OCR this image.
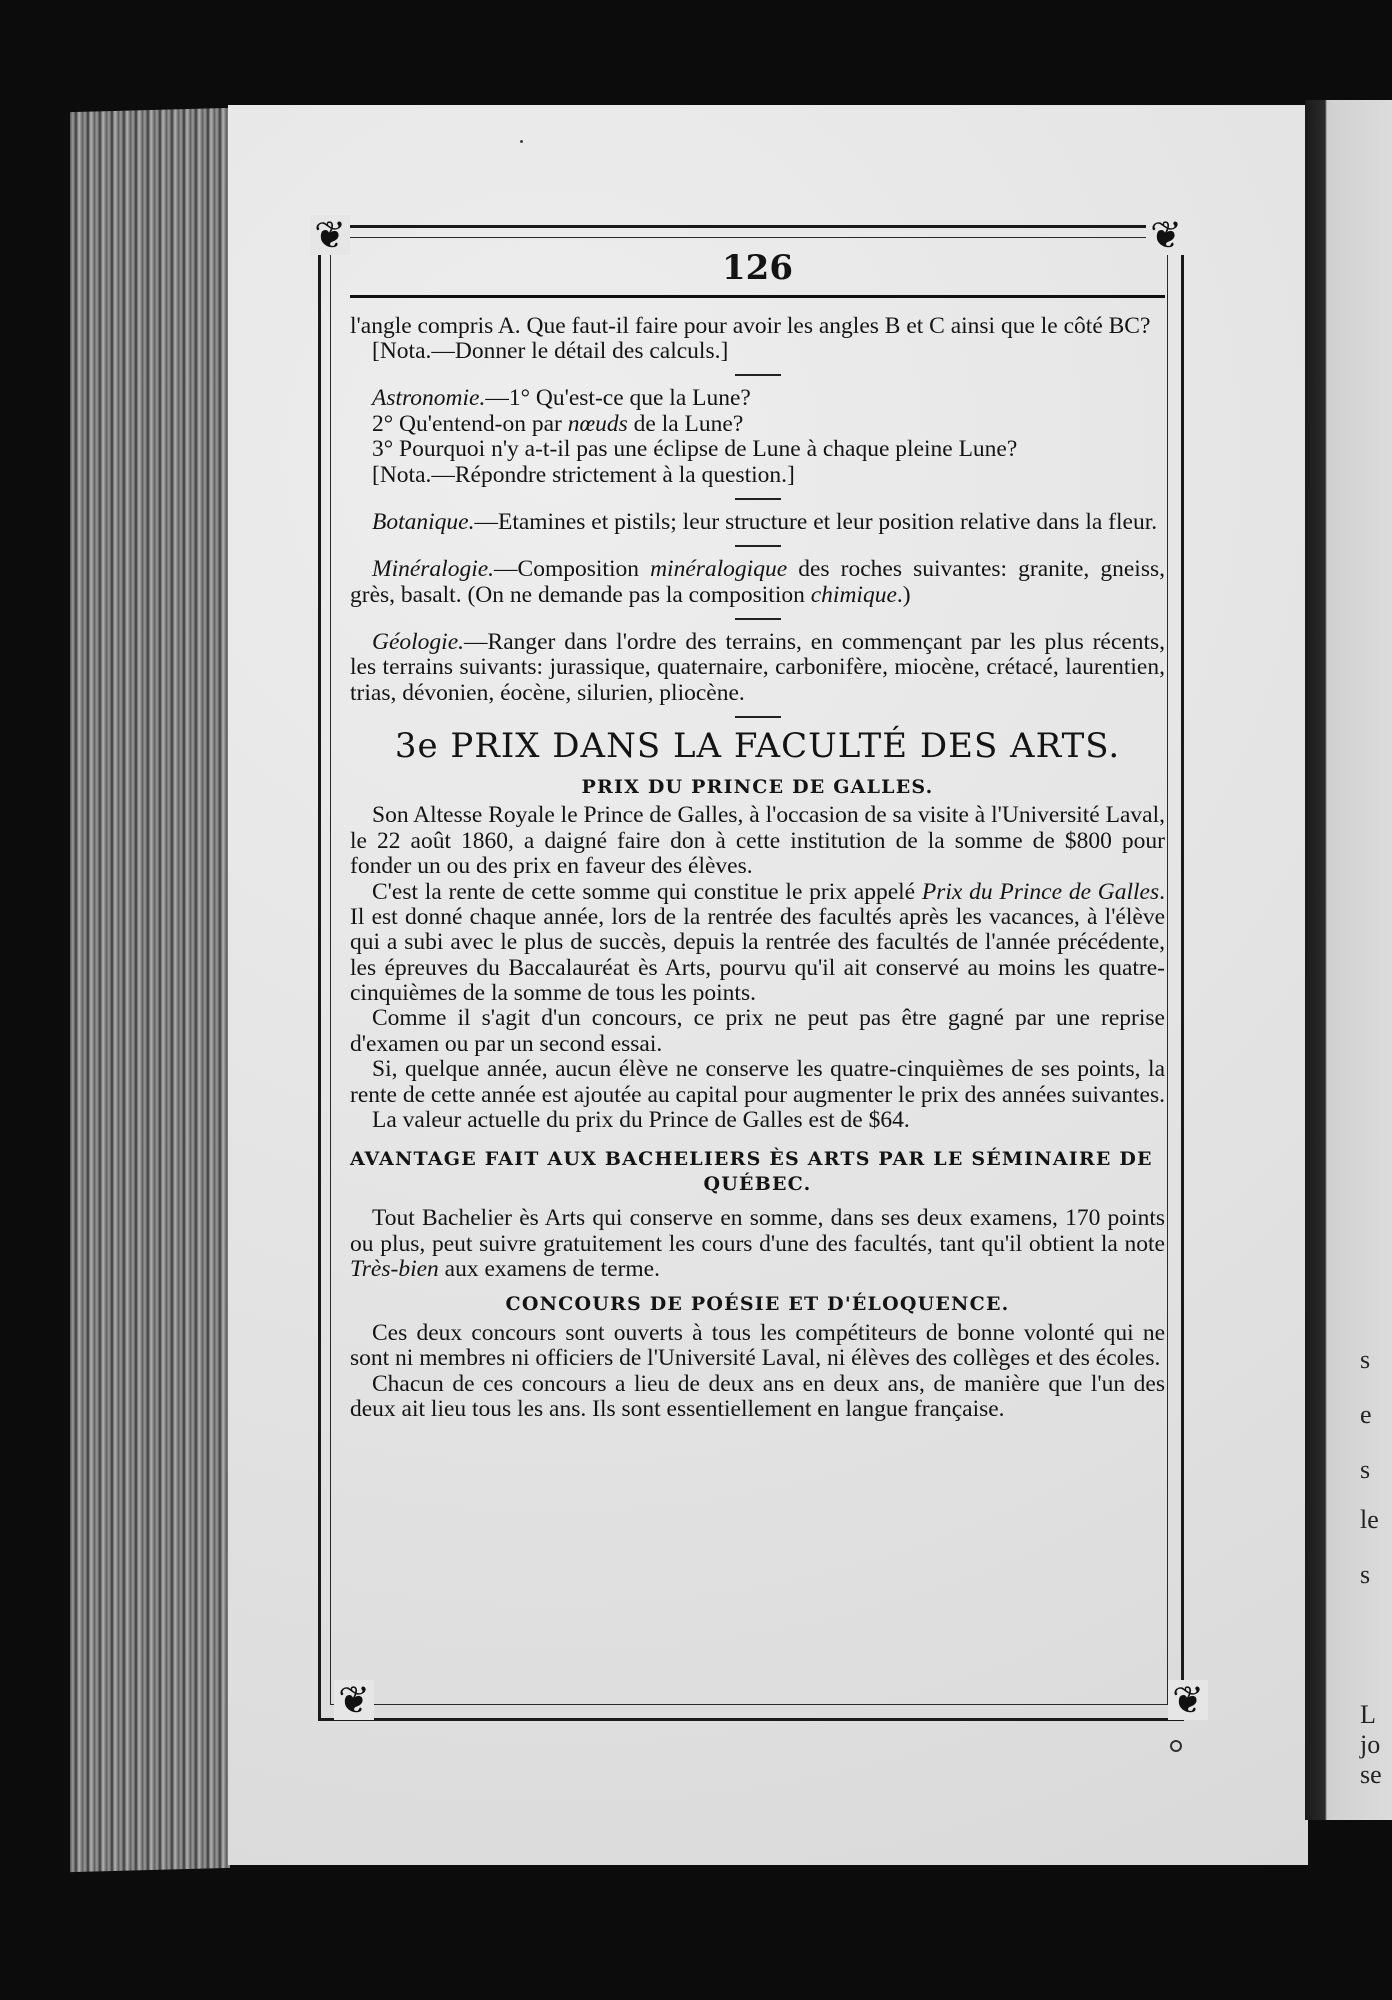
s
e
s
le
s
L
jo
se
❦	❦
❦	❦
126

l'angle compris A. Que faut-il faire pour avoir les angles B et C ainsi que le côté BC?

[Nota.—Donner le détail des calculs.]

Astronomie.—1° Qu'est-ce que la Lune?

2° Qu'entend-on par nœuds de la Lune?

3° Pourquoi n'y a-t-il pas une éclipse de Lune à chaque pleine Lune?

[Nota.—Répondre strictement à la question.]

Botanique.—Etamines et pistils; leur structure et leur position relative dans la fleur.

Minéralogie.—Composition minéralogique des roches suivantes: granite, gneiss, grès, basalt. (On ne demande pas la composition chimique.)

Géologie.—Ranger dans l'ordre des terrains, en commençant par les plus récents, les terrains suivants: jurassique, quaternaire, carbonifère, miocène, crétacé, laurentien, trias, dévonien, éocène, silurien, pliocène.

3e PRIX DANS LA FACULTÉ DES ARTS.
PRIX DU PRINCE DE GALLES.

Son Altesse Royale le Prince de Galles, à l'occasion de sa visite à l'Université Laval, le 22 août 1860, a daigné faire don à cette institution de la somme de $800 pour fonder un ou des prix en faveur des élèves.

C'est la rente de cette somme qui constitue le prix appelé Prix du Prince de Galles. Il est donné chaque année, lors de la rentrée des facultés après les vacances, à l'élève qui a subi avec le plus de succès, depuis la rentrée des facultés de l'année précédente, les épreuves du Baccalauréat ès Arts, pourvu qu'il ait conservé au moins les quatre-cinquièmes de la somme de tous les points.

Comme il s'agit d'un concours, ce prix ne peut pas être gagné par une reprise d'examen ou par un second essai.

Si, quelque année, aucun élève ne conserve les quatre-cinquièmes de ses points, la rente de cette année est ajoutée au capital pour augmenter le prix des années suivantes.

La valeur actuelle du prix du Prince de Galles est de $64.

AVANTAGE FAIT AUX BACHELIERS ÈS ARTS PAR LE SÉMINAIRE DE
QUÉBEC.

Tout Bachelier ès Arts qui conserve en somme, dans ses deux examens, 170 points ou plus, peut suivre gratuitement les cours d'une des facultés, tant qu'il obtient la note Très-bien aux examens de terme.

CONCOURS DE POÉSIE ET D'ÉLOQUENCE.

Ces deux concours sont ouverts à tous les compétiteurs de bonne volonté qui ne sont ni membres ni officiers de l'Université Laval, ni élèves des collèges et des écoles.

Chacun de ces concours a lieu de deux ans en deux ans, de manière que l'un des deux ait lieu tous les ans. Ils sont essentiellement en langue française.
